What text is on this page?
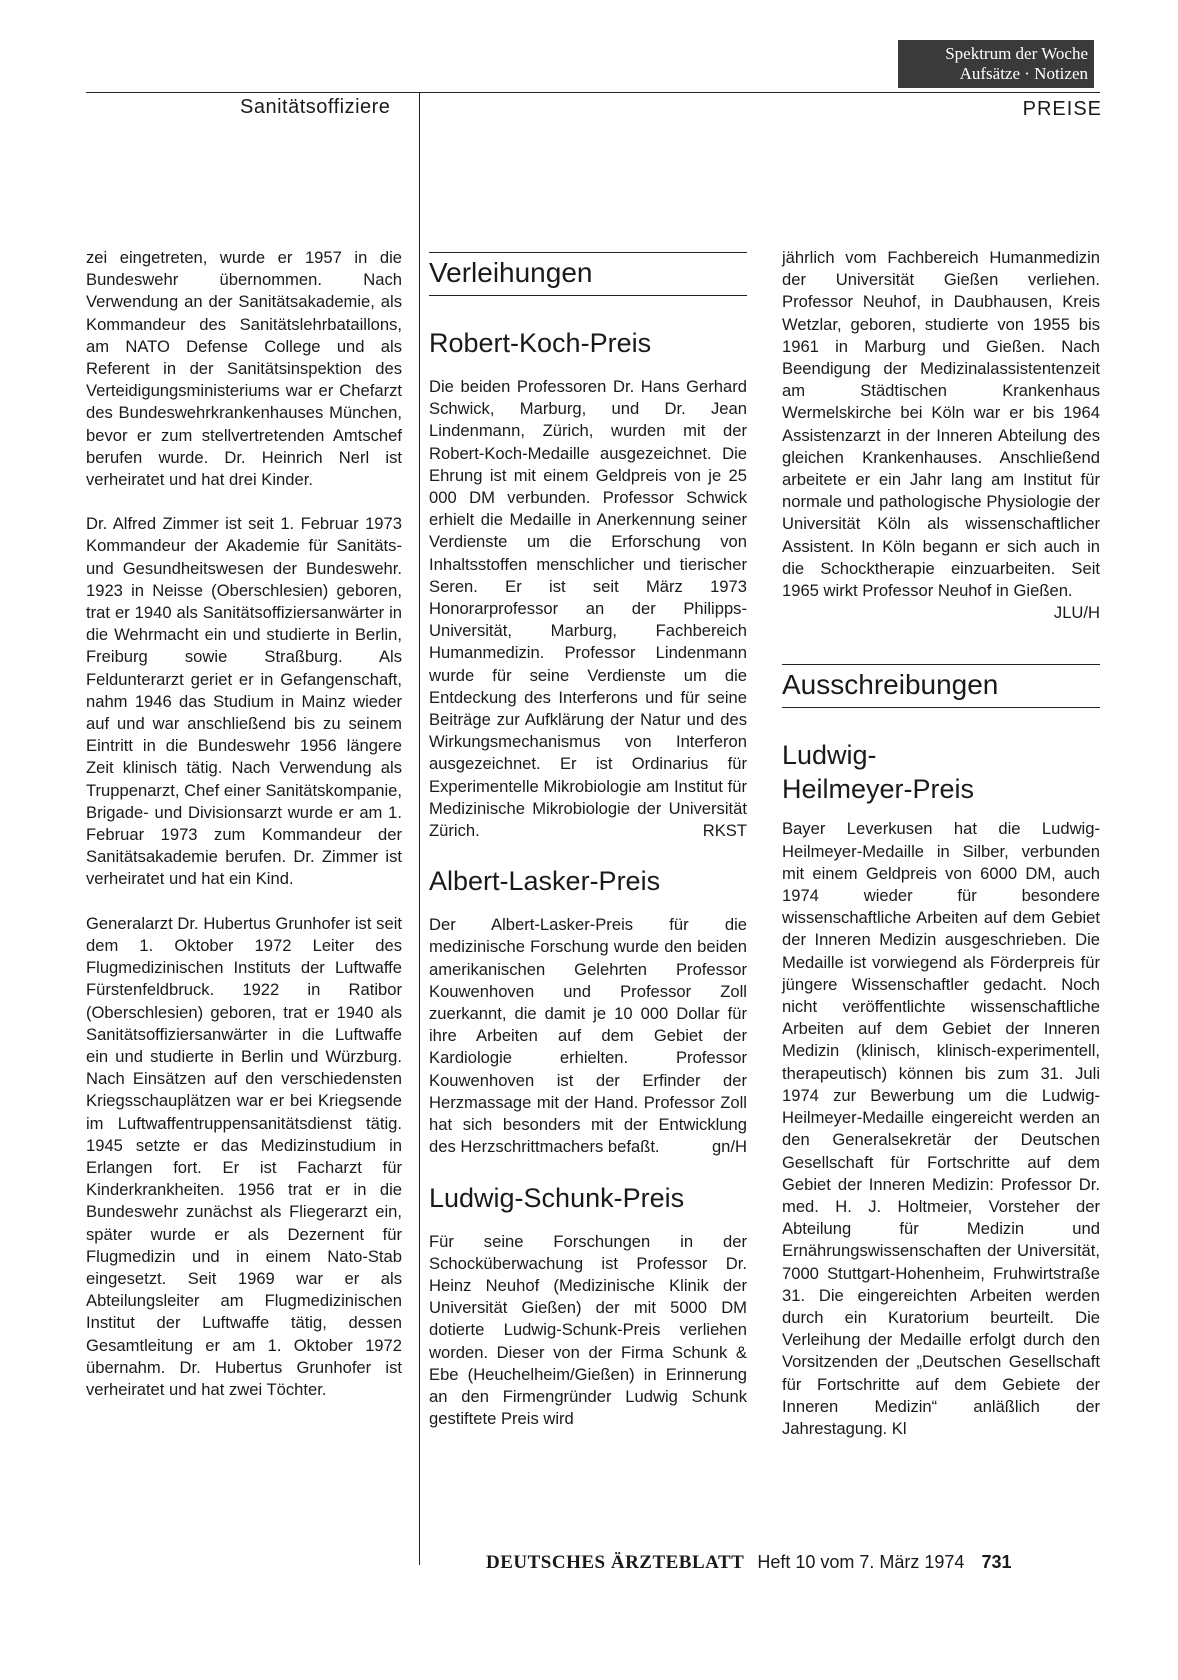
Spektrum der Woche
Aufsätze · Notizen
Sanitätsoffiziere	PREISE

zei eingetreten, wurde er 1957 in die Bundeswehr übernommen. Nach Verwendung an der Sanitätsakademie, als Kommandeur des Sanitätslehrbataillons, am NATO Defense College und als Referent in der Sanitätsinspektion des Verteidigungsministeriums war er Chefarzt des Bundeswehrkrankenhauses München, bevor er zum stellvertretenden Amtschef berufen wurde. Dr. Heinrich Nerl ist verheiratet und hat drei Kinder.

Dr. Alfred Zimmer ist seit 1. Februar 1973 Kommandeur der Akademie für Sanitäts- und Gesundheitswesen der Bundeswehr. 1923 in Neisse (Oberschlesien) geboren, trat er 1940 als Sanitätsoffiziersanwärter in die Wehrmacht ein und studierte in Berlin, Freiburg sowie Straßburg. Als Feldunterarzt geriet er in Gefangenschaft, nahm 1946 das Studium in Mainz wieder auf und war anschließend bis zu seinem Eintritt in die Bundeswehr 1956 längere Zeit klinisch tätig. Nach Verwendung als Truppenarzt, Chef einer Sanitätskompanie, Brigade- und Divisionsarzt wurde er am 1. Februar 1973 zum Kommandeur der Sanitätsakademie berufen. Dr. Zimmer ist verheiratet und hat ein Kind.

Generalarzt Dr. Hubertus Grunhofer ist seit dem 1. Oktober 1972 Leiter des Flugmedizinischen Instituts der Luftwaffe Fürstenfeldbruck. 1922 in Ratibor (Oberschlesien) geboren, trat er 1940 als Sanitätsoffiziersanwärter in die Luftwaffe ein und studierte in Berlin und Würzburg. Nach Einsätzen auf den verschiedensten Kriegsschauplätzen war er bei Kriegsende im Luftwaffentruppensanitätsdienst tätig. 1945 setzte er das Medizinstudium in Erlangen fort. Er ist Facharzt für Kinderkrankheiten. 1956 trat er in die Bundeswehr zunächst als Fliegerarzt ein, später wurde er als Dezernent für Flugmedizin und in einem Nato-Stab eingesetzt. Seit 1969 war er als Abteilungsleiter am Flugmedizinischen Institut der Luftwaffe tätig, dessen Gesamtleitung er am 1. Oktober 1972 übernahm. Dr. Hubertus Grunhofer ist verheiratet und hat zwei Töchter.

Verleihungen
Robert-Koch-Preis

Die beiden Professoren Dr. Hans Gerhard Schwick, Marburg, und Dr. Jean Lindenmann, Zürich, wurden mit der Robert-Koch-Medaille ausgezeichnet. Die Ehrung ist mit einem Geldpreis von je 25 000 DM verbunden. Professor Schwick erhielt die Medaille in Anerkennung seiner Verdienste um die Erforschung von Inhaltsstoffen menschlicher und tierischer Seren. Er ist seit März 1973 Honorarprofessor an der Philipps-Universität, Marburg, Fachbereich Humanmedizin. Professor Lindenmann wurde für seine Verdienste um die Entdeckung des Interferons und für seine Beiträge zur Aufklärung der Natur und des Wirkungsmechanismus von Interferon ausgezeichnet. Er ist Ordinarius für Experimentelle Mikrobiologie am Institut für Medizinische Mikrobiologie der Universität Zürich.	RKST

Albert-Lasker-Preis

Der Albert-Lasker-Preis für die medizinische Forschung wurde den beiden amerikanischen Gelehrten Professor Kouwenhoven und Professor Zoll zuerkannt, die damit je 10 000 Dollar für ihre Arbeiten auf dem Gebiet der Kardiologie erhielten. Professor Kouwenhoven ist der Erfinder der Herzmassage mit der Hand. Professor Zoll hat sich besonders mit der Entwicklung des Herzschrittmachers befaßt.	gn/H

Ludwig-Schunk-Preis

Für seine Forschungen in der Schocküberwachung ist Professor Dr. Heinz Neuhof (Medizinische Klinik der Universität Gießen) der mit 5000 DM dotierte Ludwig-Schunk-Preis verliehen worden. Dieser von der Firma Schunk & Ebe (Heuchelheim/Gießen) in Erinnerung an den Firmengründer Ludwig Schunk gestiftete Preis wird

jährlich vom Fachbereich Humanmedizin der Universität Gießen verliehen. Professor Neuhof, in Daubhausen, Kreis Wetzlar, geboren, studierte von 1955 bis 1961 in Marburg und Gießen. Nach Beendigung der Medizinalassistentenzeit am Städtischen Krankenhaus Wermelskirche bei Köln war er bis 1964 Assistenzarzt in der Inneren Abteilung des gleichen Krankenhauses. Anschließend arbeitete er ein Jahr lang am Institut für normale und pathologische Physiologie der Universität Köln als wissenschaftlicher Assistent. In Köln begann er sich auch in die Schocktherapie einzuarbeiten. Seit 1965 wirkt Professor Neuhof in Gießen.
JLU/H

Ausschreibungen
Ludwig-
Heilmeyer-Preis

Bayer Leverkusen hat die Ludwig-Heilmeyer-Medaille in Silber, verbunden mit einem Geldpreis von 6000 DM, auch 1974 wieder für besondere wissenschaftliche Arbeiten auf dem Gebiet der Inneren Medizin ausgeschrieben. Die Medaille ist vorwiegend als Förderpreis für jüngere Wissenschaftler gedacht. Noch nicht veröffentlichte wissenschaftliche Arbeiten auf dem Gebiet der Inneren Medizin (klinisch, klinisch-experimentell, therapeutisch) können bis zum 31. Juli 1974 zur Bewerbung um die Ludwig-Heilmeyer-Medaille eingereicht werden an den Generalsekretär der Deutschen Gesellschaft für Fortschritte auf dem Gebiet der Inneren Medizin: Professor Dr. med. H. J. Holtmeier, Vorsteher der Abteilung für Medizin und Ernährungswissenschaften der Universität, 7000 Stuttgart-Hohenheim, Fruhwirtstraße 31. Die eingereichten Arbeiten werden durch ein Kuratorium beurteilt. Die Verleihung der Medaille erfolgt durch den Vorsitzenden der „Deutschen Gesellschaft für Fortschritte auf dem Gebiete der Inneren Medizin“ anläßlich der Jahrestagung. Kl

DEUTSCHES ÄRZTEBLATT Heft 10 vom 7. März 1974 731
